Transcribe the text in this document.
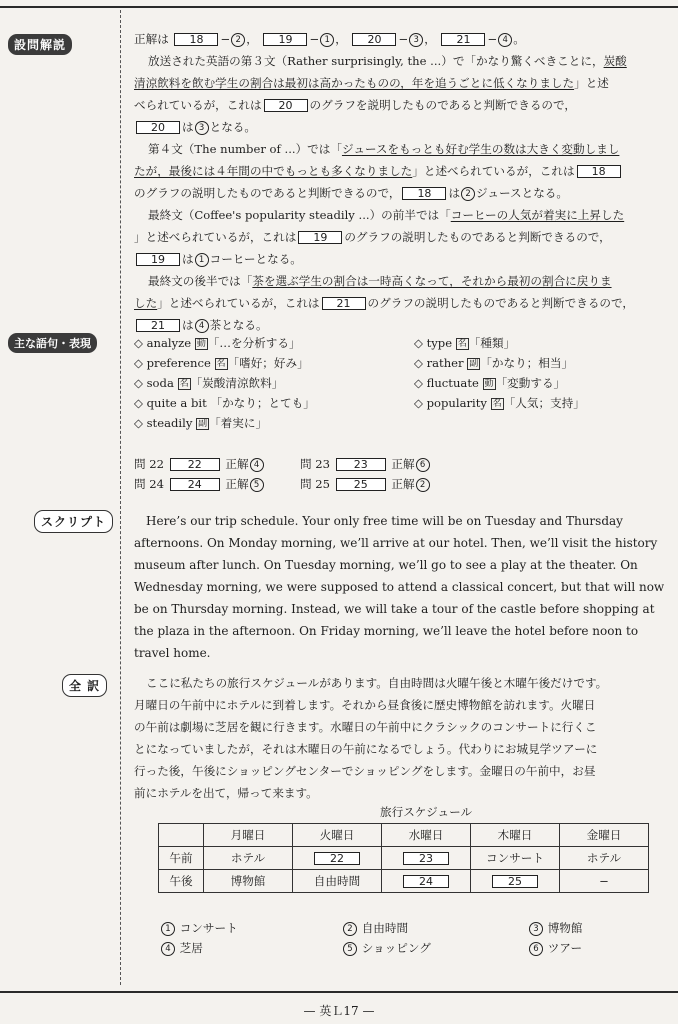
設問解説
主な語句・表現
スクリプト
全 訳
正解は 18 − 2 ， 19 − 1 ， 20 − 3 ， 21 − 4 。
放送された英語の第３文（Rather surprisingly, the ...）で「かなり驚くべきことに，炭酸
清涼飲料を飲む学生の割合は最初は高かったものの，年を追うごとに低くなりました」と述
べられているが，これは 20 のグラフを説明したものであると判断できるので，
20 は 3 となる。
第４文（The number of ...）では「ジュースをもっとも好む学生の数は大きく変動しまし
たが，最後には４年間の中でもっとも多くなりました」と述べられているが，これは 18
のグラフの説明したものであると判断できるので， 18 は 2 ジュースとなる。
最終文（Coffee's popularity steadily ...）の前半では「コーヒーの人気が着実に上昇した
」と述べられているが，これは 19 のグラフの説明したものであると判断できるので，
19 は 1 コーヒーとなる。
最終文の後半では「茶を選ぶ学生の割合は一時高くなって，それから最初の割合に戻りま
した」と述べられているが，これは 21 のグラフの説明したものであると判断できるので，
21 は 4 茶となる。
◇ analyze 動 「…を分析する」
◇ preference 名 「嗜好；好み」
◇ soda 名 「炭酸清涼飲料」
◇ quite a bit 「かなり；とても」
◇ steadily 副 「着実に」
◇ type 名 「種類」
◇ rather 副 「かなり；相当」
◇ fluctuate 動 「変動する」
◇ popularity 名 「人気；支持」
問 22 22 正解 4	問 23 23 正解 6
問 24 24 正解 5	問 25 25 正解 2
Here’s our trip schedule. Your only free time will be on Tuesday and Thursday
afternoons. On Monday morning, we’ll arrive at our hotel. Then, we’ll visit the history
museum after lunch. On Tuesday morning, we’ll go to see a play at the theater. On
Wednesday morning, we were supposed to attend a classical concert, but that will now
be on Thursday morning. Instead, we will take a tour of the castle before shopping at
the plaza in the afternoon. On Friday morning, we’ll leave the hotel before noon to
travel home.
ここに私たちの旅行スケジュールがあります。自由時間は火曜午後と木曜午後だけです。
月曜日の午前中にホテルに到着します。それから昼食後に歴史博物館を訪れます。火曜日
の午前は劇場に芝居を観に行きます。水曜日の午前中にクラシックのコンサートに行くこ
とになっていましたが，それは木曜日の午前になるでしょう。代わりにお城見学ツアーに
行った後，午後にショッピングセンターでショッピングをします。金曜日の午前中，お昼
前にホテルを出て，帰って来ます。
旅行スケジュール
	月曜日	火曜日	水曜日	木曜日	金曜日
午前	ホテル	22	23	コンサート	ホテル
午後	博物館	自由時間	24	25	−
1 コンサート	2 自由時間	3 博物館
4 芝居	5 ショッピング	6 ツアー
— 英Ｌ17 —
